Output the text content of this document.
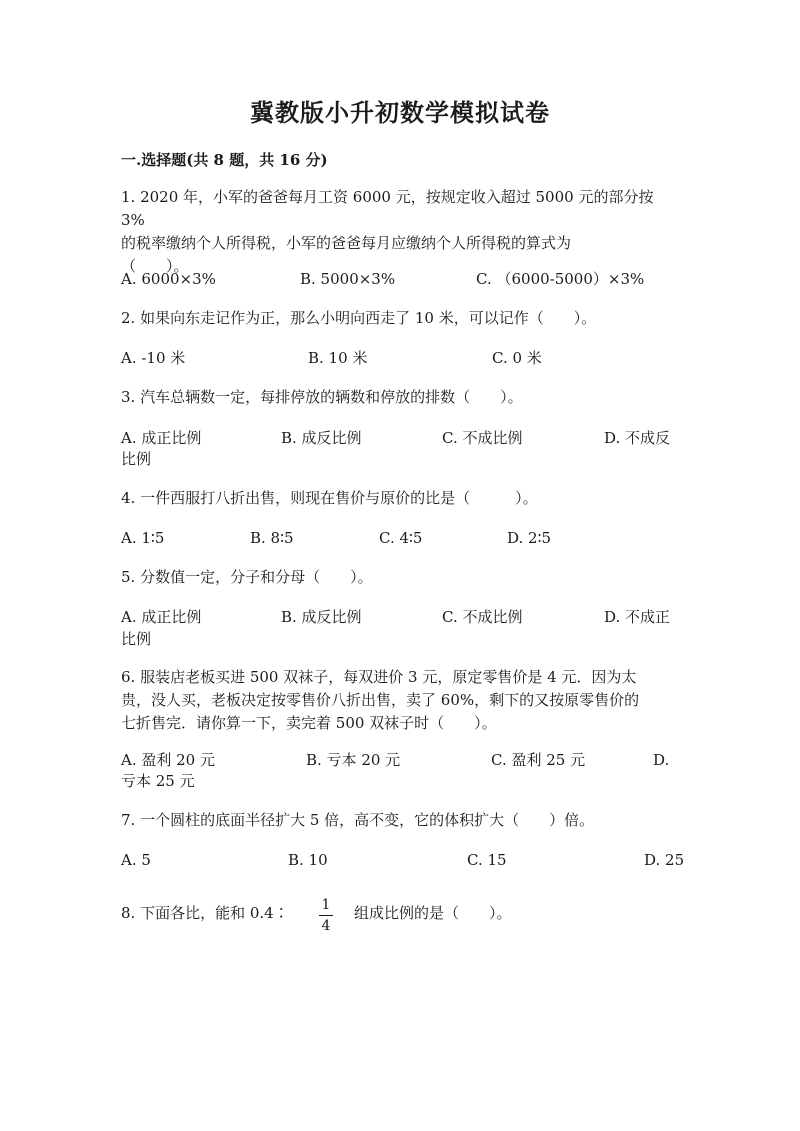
冀教版小升初数学模拟试卷
一.选择题(共 8 题，共 16 分)
1. 2020 年，小军的爸爸每月工资 6000 元，按规定收入超过 5000 元的部分按 3%
的税率缴纳个人所得税，小军的爸爸每月应缴纳个人所得税的算式为
（　　）。
A. 6000×3%	B. 5000×3%	C. （6000-5000）×3%
2. 如果向东走记作为正，那么小明向西走了 10 米，可以记作（　　）。
A. -10 米	B. 10 米	C. 0 米
3. 汽车总辆数一定，每排停放的辆数和停放的排数（　　）。
A. 成正比例	B. 成反比例	C. 不成比例	D. 不成反
比例
4. 一件西服打八折出售，则现在售价与原价的比是（　　　）。
A. 1∶5	B. 8∶5	C. 4∶5	D. 2∶5
5. 分数值一定，分子和分母（　　）。
A. 成正比例	B. 成反比例	C. 不成比例	D. 不成正
比例
6. 服装店老板买进 500 双袜子，每双进价 3 元，原定零售价是 4 元．因为太
贵，没人买，老板决定按零售价八折出售，卖了 60%，剩下的又按原零售价的
七折售完．请你算一下，卖完着 500 双袜子时（　　）。
A. 盈利 20 元	B. 亏本 20 元	C. 盈利 25 元	D.
亏本 25 元
7. 一个圆柱的底面半径扩大 5 倍，高不变，它的体积扩大（　　）倍。
A. 5	B. 10	C. 15	D. 25
8. 下面各比，能和 0.4∶	1
4
组成比例的是（　　）。
